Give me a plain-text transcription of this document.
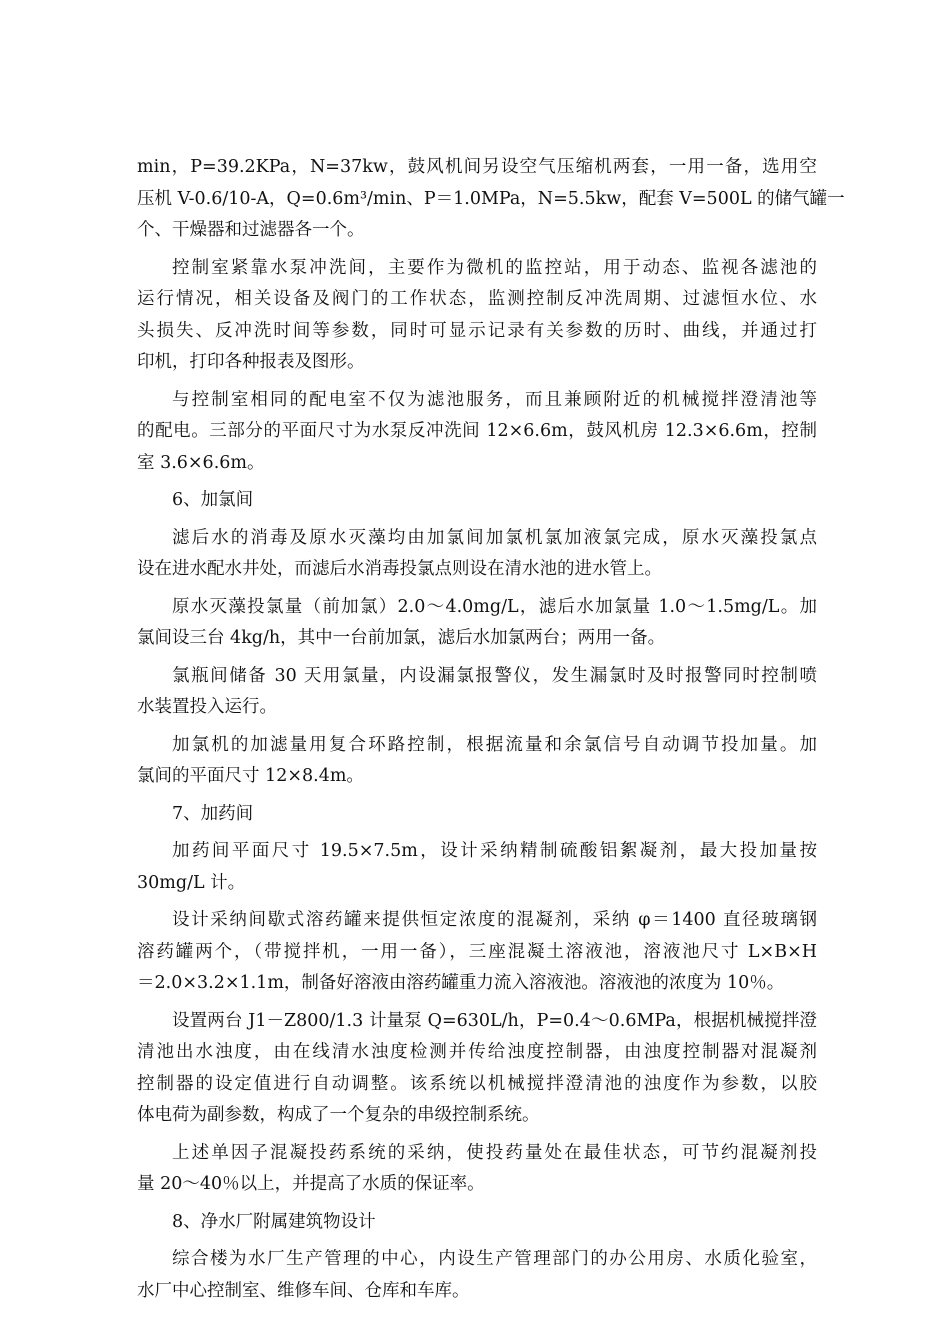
min，P=39.2KPa，N=37kw，鼓风机间另设空气压缩机两套，一用一备，选用空
压机 V-0.6/10-A，Q=0.6m³/min、P＝1.0MPa，N=5.5kw，配套 V=500L 的储气罐一
个、干燥器和过滤器各一个。
控制室紧靠水泵冲洗间，主要作为微机的监控站，用于动态、监视各滤池的
运行情况，相关设备及阀门的工作状态，监测控制反冲洗周期、过滤恒水位、水
头损失、反冲洗时间等参数，同时可显示记录有关参数的历时、曲线，并通过打
印机，打印各种报表及图形。
与控制室相同的配电室不仅为滤池服务，而且兼顾附近的机械搅拌澄清池等
的配电。三部分的平面尺寸为水泵反冲洗间 12×6.6m，鼓风机房 12.3×6.6m，控制
室 3.6×6.6m。
6、加氯间
滤后水的消毒及原水灭藻均由加氯间加氯机氯加液氯完成，原水灭藻投氯点
设在进水配水井处，而滤后水消毒投氯点则设在清水池的进水管上。
原水灭藻投氯量（前加氯）2.0～4.0mg/L，滤后水加氯量 1.0～1.5mg/L。加
氯间设三台 4kg/h，其中一台前加氯，滤后水加氯两台；两用一备。
氯瓶间储备 30 天用氯量，内设漏氯报警仪，发生漏氯时及时报警同时控制喷
水装置投入运行。
加氯机的加滤量用复合环路控制，根据流量和余氯信号自动调节投加量。加
氯间的平面尺寸 12×8.4m。
7、加药间
加药间平面尺寸 19.5×7.5m，设计采纳精制硫酸铝絮凝剂，最大投加量按
30mg/L 计。
设计采纳间歇式溶药罐来提供恒定浓度的混凝剂，采纳 φ＝1400 直径玻璃钢
溶药罐两个，（带搅拌机，一用一备），三座混凝土溶液池，溶液池尺寸 L×B×H
＝2.0×3.2×1.1m，制备好溶液由溶药罐重力流入溶液池。溶液池的浓度为 10％。
设置两台 J1－Z800/1.3 计量泵 Q=630L/h，P=0.4～0.6MPa，根据机械搅拌澄
清池出水浊度，由在线清水浊度检测并传给浊度控制器，由浊度控制器对混凝剂
控制器的设定值进行自动调整。该系统以机械搅拌澄清池的浊度作为参数，以胶
体电荷为副参数，构成了一个复杂的串级控制系统。
上述单因子混凝投药系统的采纳，使投药量处在最佳状态，可节约混凝剂投
量 20～40％以上，并提高了水质的保证率。
8、净水厂附属建筑物设计
综合楼为水厂生产管理的中心，内设生产管理部门的办公用房、水质化验室，
水厂中心控制室、维修车间、仓库和车库。
